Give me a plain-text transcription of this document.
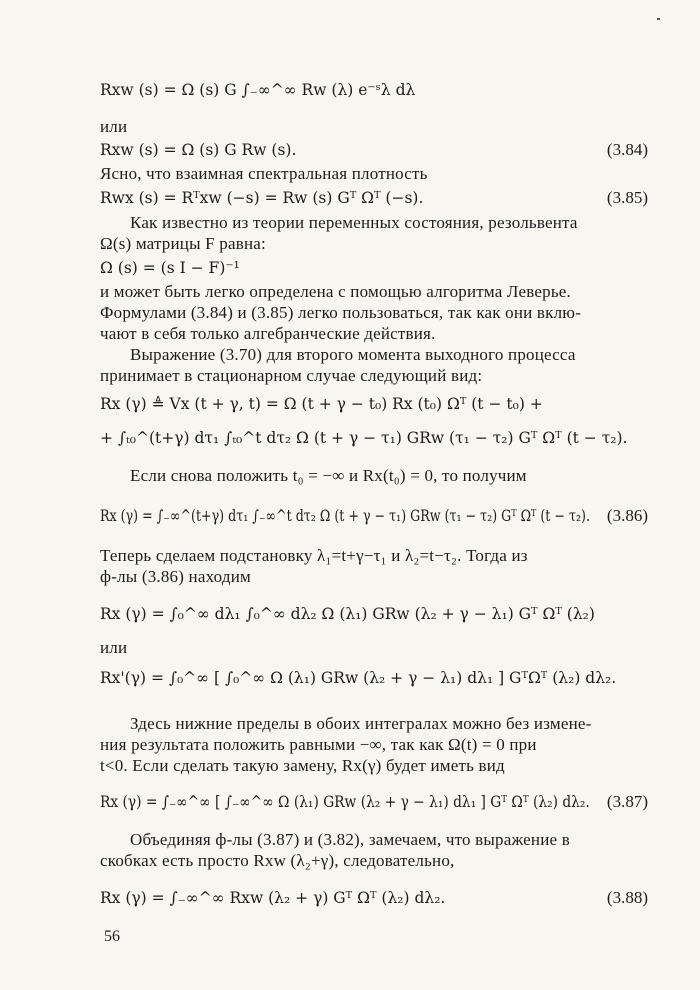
Rxw (s) = Ω (s) G ∫₋∞^∞ Rw (λ) e⁻ˢλ dλ
или
Rxw (s) = Ω (s) G Rw (s).	(3.84)
Ясно, что взаимная спектральная плотность
Rwx (s) = Rᵀxw (−s) = Rw (s) Gᵀ Ωᵀ (−s).	(3.85)
Как известно из теории переменных состояния, резольвента
Ω(s) матрицы F равна:
Ω (s) = (s I − F)⁻¹
и может быть легко определена с помощью алгоритма Леверье.
Формулами (3.84) и (3.85) легко пользоваться, так как они вклю-
чают в себя только алгебранческие действия.
Выражение (3.70) для второго момента выходного процесса
принимает в стационарном случае следующий вид:
Rx (γ) ≜ Vx (t + γ, t) = Ω (t + γ − t₀) Rx (t₀) Ωᵀ (t − t₀) +
+ ∫ₜ₀^(t+γ) dτ₁ ∫ₜ₀^t dτ₂ Ω (t + γ − τ₁) GRw (τ₁ − τ₂) Gᵀ Ωᵀ (t − τ₂).
Если снова положить t₀ = −∞ и Rx(t₀) = 0, то получим
Rx (γ) = ∫₋∞^(t+γ) dτ₁ ∫₋∞^t dτ₂ Ω (t + γ − τ₁) GRw (τ₁ − τ₂) Gᵀ Ωᵀ (t − τ₂). (3.86)
Теперь сделаем подстановку λ₁=t+γ−τ₁ и λ₂=t−τ₂. Тогда из
ф-лы (3.86) находим
Rx (γ) = ∫₀^∞ dλ₁ ∫₀^∞ dλ₂ Ω (λ₁) GRw (λ₂ + γ − λ₁) Gᵀ Ωᵀ (λ₂)
или
Rx'(γ) = ∫₀^∞ [ ∫₀^∞ Ω (λ₁) GRw (λ₂ + γ − λ₁) dλ₁ ] GᵀΩᵀ (λ₂) dλ₂.
Здесь нижние пределы в обоих интегралах можно без измене-
ния результата положить равными −∞, так как Ω(t) = 0 при
t<0. Если сделать такую замену, Rx(γ) будет иметь вид
Rx (γ) = ∫₋∞^∞ [ ∫₋∞^∞ Ω (λ₁) GRw (λ₂ + γ − λ₁) dλ₁ ] Gᵀ Ωᵀ (λ₂) dλ₂. (3.87)
Объединяя ф-лы (3.87) и (3.82), замечаем, что выражение в
скобках есть просто Rxw (λ₂+γ), следовательно,
Rx (γ) = ∫₋∞^∞ Rxw (λ₂ + γ) Gᵀ Ωᵀ (λ₂) dλ₂.	(3.88)
56
